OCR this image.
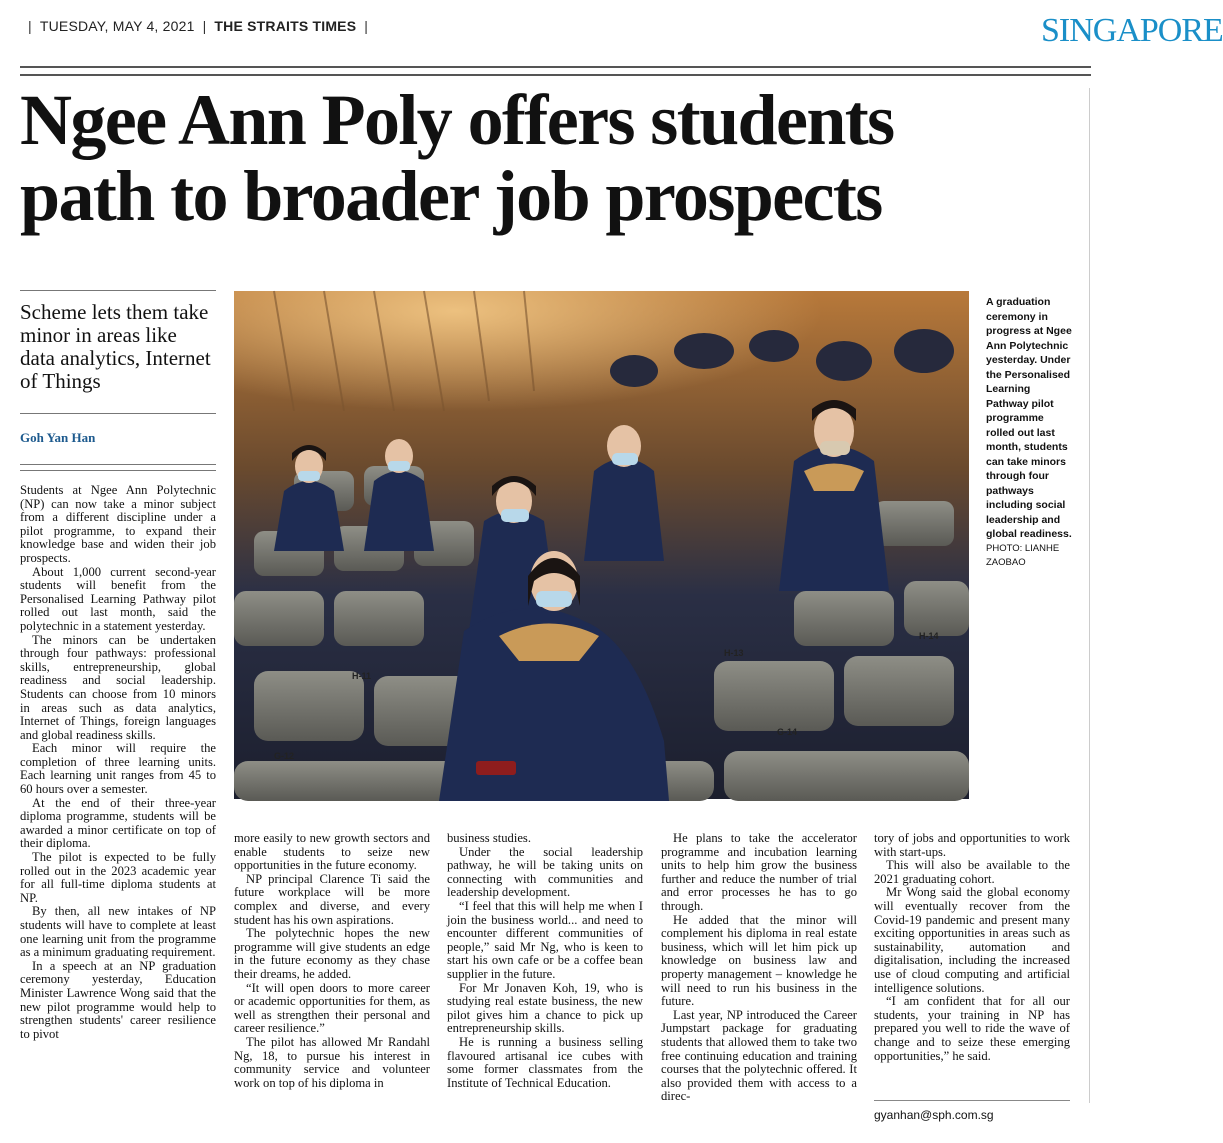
| TUESDAY, MAY 4, 2021 | THE STRAITS TIMES |	SINGAPORE
Ngee Ann Poly offers students
path to broader job prospects

Scheme lets them take minor in areas like data analytics, Internet of Things

Goh Yan Han
H-11
H-13
H-14
G-12
G-14
A graduation ceremony in progress at Ngee Ann Polytechnic yesterday. Under the Personalised Learning Pathway pilot programme rolled out last month, students can take minors through four pathways including social leadership and global readiness.
PHOTO: LIANHE ZAOBAO

Students at Ngee Ann Polytechnic (NP) can now take a minor subject from a different discipline under a pilot programme, to expand their knowledge base and widen their job prospects.

About 1,000 current second-year students will benefit from the Personalised Learning Pathway pilot rolled out last month, said the polytechnic in a statement yesterday.

The minors can be undertaken through four pathways: professional skills, entrepreneurship, global readiness and social leadership. Students can choose from 10 minors in areas such as data analytics, Internet of Things, foreign languages and global readiness skills.

Each minor will require the completion of three learning units. Each learning unit ranges from 45 to 60 hours over a semester.

At the end of their three-year diploma programme, students will be awarded a minor certificate on top of their diploma.

The pilot is expected to be fully rolled out in the 2023 academic year for all full-time diploma students at NP.

By then, all new intakes of NP students will have to complete at least one learning unit from the programme as a minimum graduating requirement.

In a speech at an NP graduation ceremony yesterday, Education Minister Lawrence Wong said that the new pilot programme would help to strengthen students' career resilience to pivot

more easily to new growth sectors and enable students to seize new opportunities in the future economy.

NP principal Clarence Ti said the future workplace will be more complex and diverse, and every student has his own aspirations.

The polytechnic hopes the new programme will give students an edge in the future economy as they chase their dreams, he added.

“It will open doors to more career or academic opportunities for them, as well as strengthen their personal and career resilience.”

The pilot has allowed Mr Randahl Ng, 18, to pursue his interest in community service and volunteer work on top of his diploma in

business studies.

Under the social leadership pathway, he will be taking units on connecting with communities and leadership development.

“I feel that this will help me when I join the business world... and need to encounter different communities of people,” said Mr Ng, who is keen to start his own cafe or be a coffee bean supplier in the future.

For Mr Jonaven Koh, 19, who is studying real estate business, the new pilot gives him a chance to pick up entrepreneurship skills.

He is running a business selling flavoured artisanal ice cubes with some former classmates from the Institute of Technical Education.

He plans to take the accelerator programme and incubation learning units to help him grow the business further and reduce the number of trial and error processes he has to go through.

He added that the minor will complement his diploma in real estate business, which will let him pick up knowledge on business law and property management – knowledge he will need to run his business in the future.

Last year, NP introduced the Career Jumpstart package for graduating students that allowed them to take two free continuing education and training courses that the polytechnic offered. It also provided them with access to a direc-

tory of jobs and opportunities to work with start-ups.

This will also be available to the 2021 graduating cohort.

Mr Wong said the global economy will eventually recover from the Covid-19 pandemic and present many exciting opportunities in areas such as sustainability, automation and digitalisation, including the increased use of cloud computing and artificial intelligence solutions.

“I am confident that for all our students, your training in NP has prepared you well to ride the wave of change and to seize these emerging opportunities,” he said.

gyanhan@sph.com.sg
